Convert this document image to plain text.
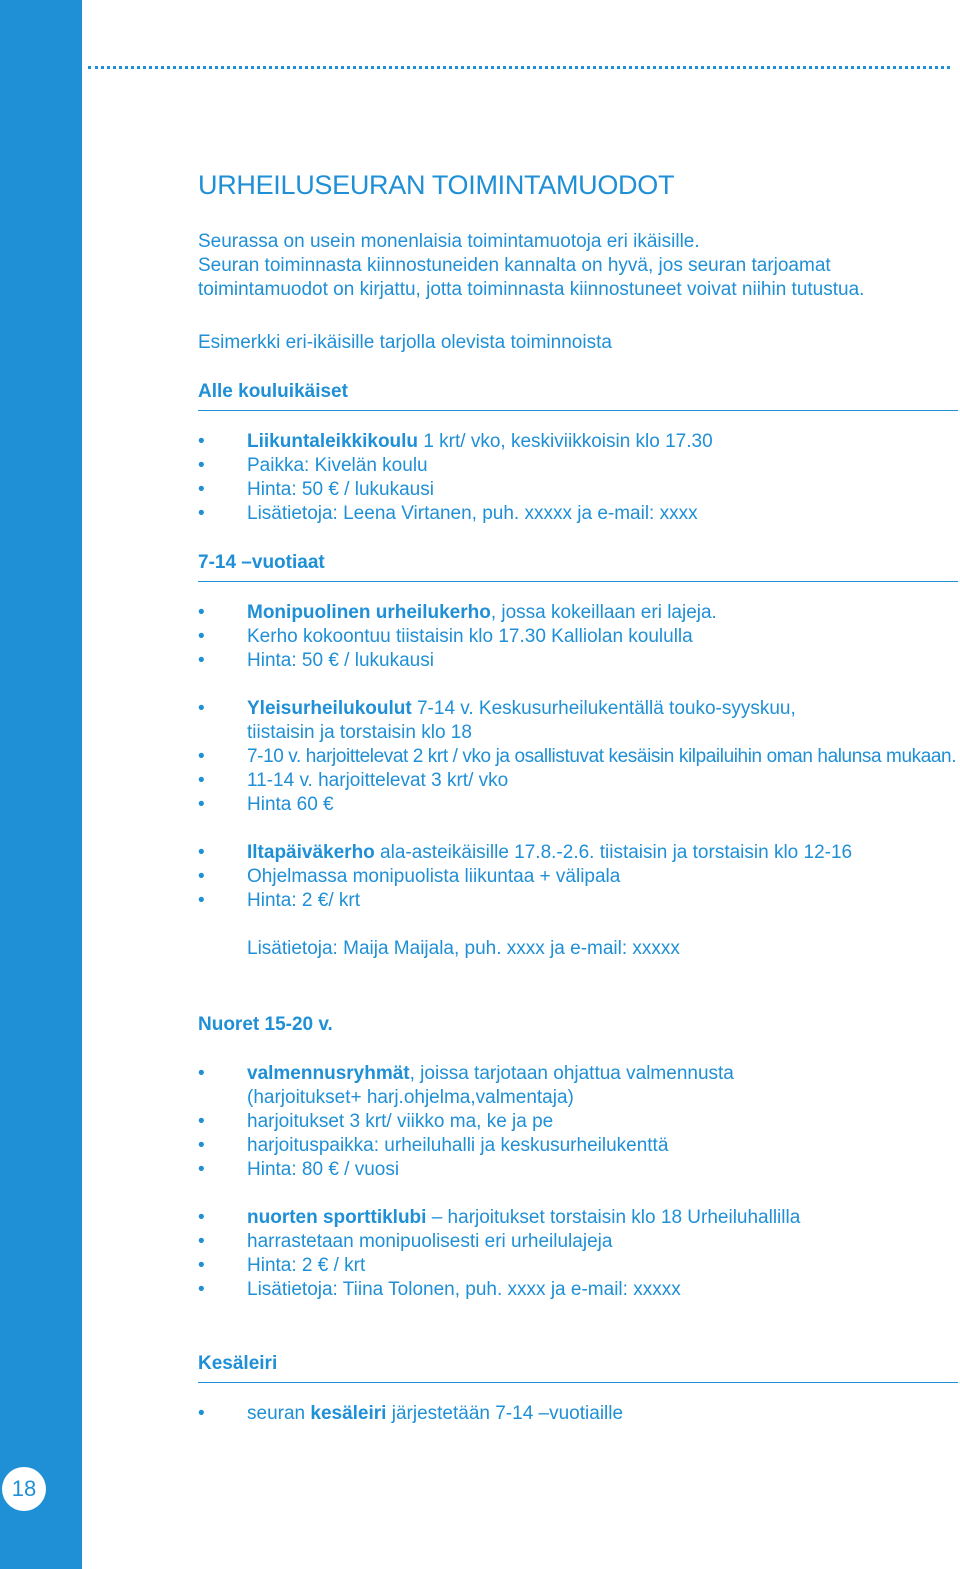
18
URHEILUSEURAN TOIMINTAMUODOT

Seurassa on usein monenlaisia toimintamuotoja eri ikäisille.

Seuran toiminnasta kiinnostuneiden kannalta on hyvä, jos seuran tarjoamat

toimintamuodot on kirjattu, jotta toiminnasta kiinnostuneet voivat niihin tutustua.

Esimerkki eri-ikäisille tarjolla olevista toiminnoista

Alle kouluikäiset
• Liikuntaleikkikoulu 1 krt/ vko, keskiviikkoisin klo 17.30
• Paikka: Kivelän koulu
• Hinta: 50 € / lukukausi
• Lisätietoja: Leena Virtanen, puh. xxxxx ja e-mail: xxxx
7-14 –vuotiaat
• Monipuolinen urheilukerho, jossa kokeillaan eri lajeja.
• Kerho kokoontuu tiistaisin klo 17.30 Kalliolan koululla
• Hinta: 50 € / lukukausi
• Yleisurheilukoulut 7-14 v. Keskusurheilukentällä touko-syyskuu,
tiistaisin ja torstaisin klo 18
• 7-10 v. harjoittelevat 2 krt / vko ja osallistuvat kesäisin kilpailuihin oman halunsa mukaan.
• 11-14 v. harjoittelevat 3 krt/ vko
• Hinta 60 €
• Iltapäiväkerho ala-asteikäisille 17.8.-2.6. tiistaisin ja torstaisin klo 12-16
• Ohjelmassa monipuolista liikuntaa + välipala
• Hinta: 2 €/ krt

Lisätietoja: Maija Maijala, puh. xxxx ja e-mail: xxxxx

Nuoret 15-20 v.
• valmennusryhmät, joissa tarjotaan ohjattua valmennusta
(harjoitukset+ harj.ohjelma,valmentaja)
• harjoitukset 3 krt/ viikko ma, ke ja pe
• harjoituspaikka: urheiluhalli ja keskusurheilukenttä
• Hinta: 80 € / vuosi
• nuorten sporttiklubi – harjoitukset torstaisin klo 18 Urheiluhallilla
• harrastetaan monipuolisesti eri urheilulajeja
• Hinta: 2 € / krt
• Lisätietoja: Tiina Tolonen, puh. xxxx ja e-mail: xxxxx
Kesäleiri
• seuran kesäleiri järjestetään 7-14 –vuotiaille
